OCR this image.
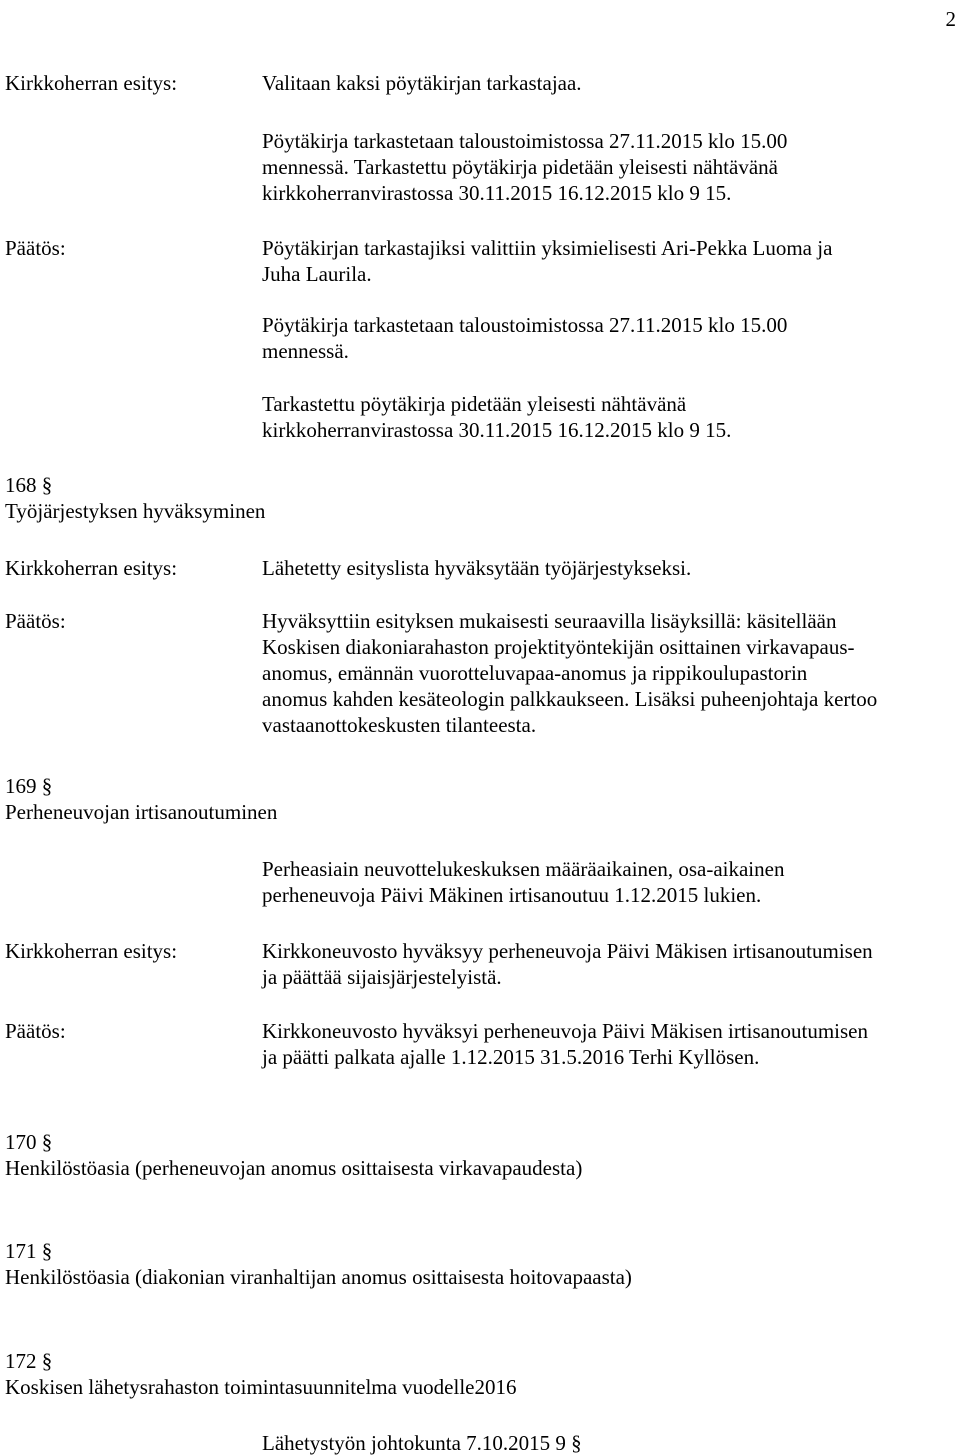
2

Kirkkoherran esitys:	Valitaan kaksi pöytäkirjan tarkastajaa.

Pöytäkirja tarkastetaan taloustoimistossa 27.11.2015 klo 15.00

mennessä. Tarkastettu pöytäkirja pidetään yleisesti nähtävänä

kirkkoherranvirastossa 30.11.2015 16.12.2015 klo 9 15.

Päätös:	Pöytäkirjan tarkastajiksi valittiin yksimielisesti Ari-Pekka Luoma ja

Juha Laurila.

Pöytäkirja tarkastetaan taloustoimistossa 27.11.2015 klo 15.00

mennessä.

Tarkastettu pöytäkirja pidetään yleisesti nähtävänä

kirkkoherranvirastossa 30.11.2015 16.12.2015 klo 9 15.

168 §

Työjärjestyksen hyväksyminen

Kirkkoherran esitys:	Lähetetty esityslista hyväksytään työjärjestykseksi.

Päätös:	Hyväksyttiin esityksen mukaisesti seuraavilla lisäyksillä: käsitellään

Koskisen diakoniarahaston projektityöntekijän osittainen virkavapaus-

anomus, emännän vuorotteluvapaa-anomus ja rippikoulupastorin

anomus kahden kesäteologin palkkaukseen. Lisäksi puheenjohtaja kertoo

vastaanottokeskusten tilanteesta.

169 §

Perheneuvojan irtisanoutuminen

Perheasiain neuvottelukeskuksen määräaikainen, osa-aikainen

perheneuvoja Päivi Mäkinen irtisanoutuu 1.12.2015 lukien.

Kirkkoherran esitys:	Kirkkoneuvosto hyväksyy perheneuvoja Päivi Mäkisen irtisanoutumisen

ja päättää sijaisjärjestelyistä.

Päätös:	Kirkkoneuvosto hyväksyi perheneuvoja Päivi Mäkisen irtisanoutumisen

ja päätti palkata ajalle 1.12.2015 31.5.2016 Terhi Kyllösen.

170 §

Henkilöstöasia (perheneuvojan anomus osittaisesta virkavapaudesta)

171 §

Henkilöstöasia (diakonian viranhaltijan anomus osittaisesta hoitovapaasta)

172 §

Koskisen lähetysrahaston toimintasuunnitelma vuodelle2016

Lähetystyön johtokunta 7.10.2015 9 §
